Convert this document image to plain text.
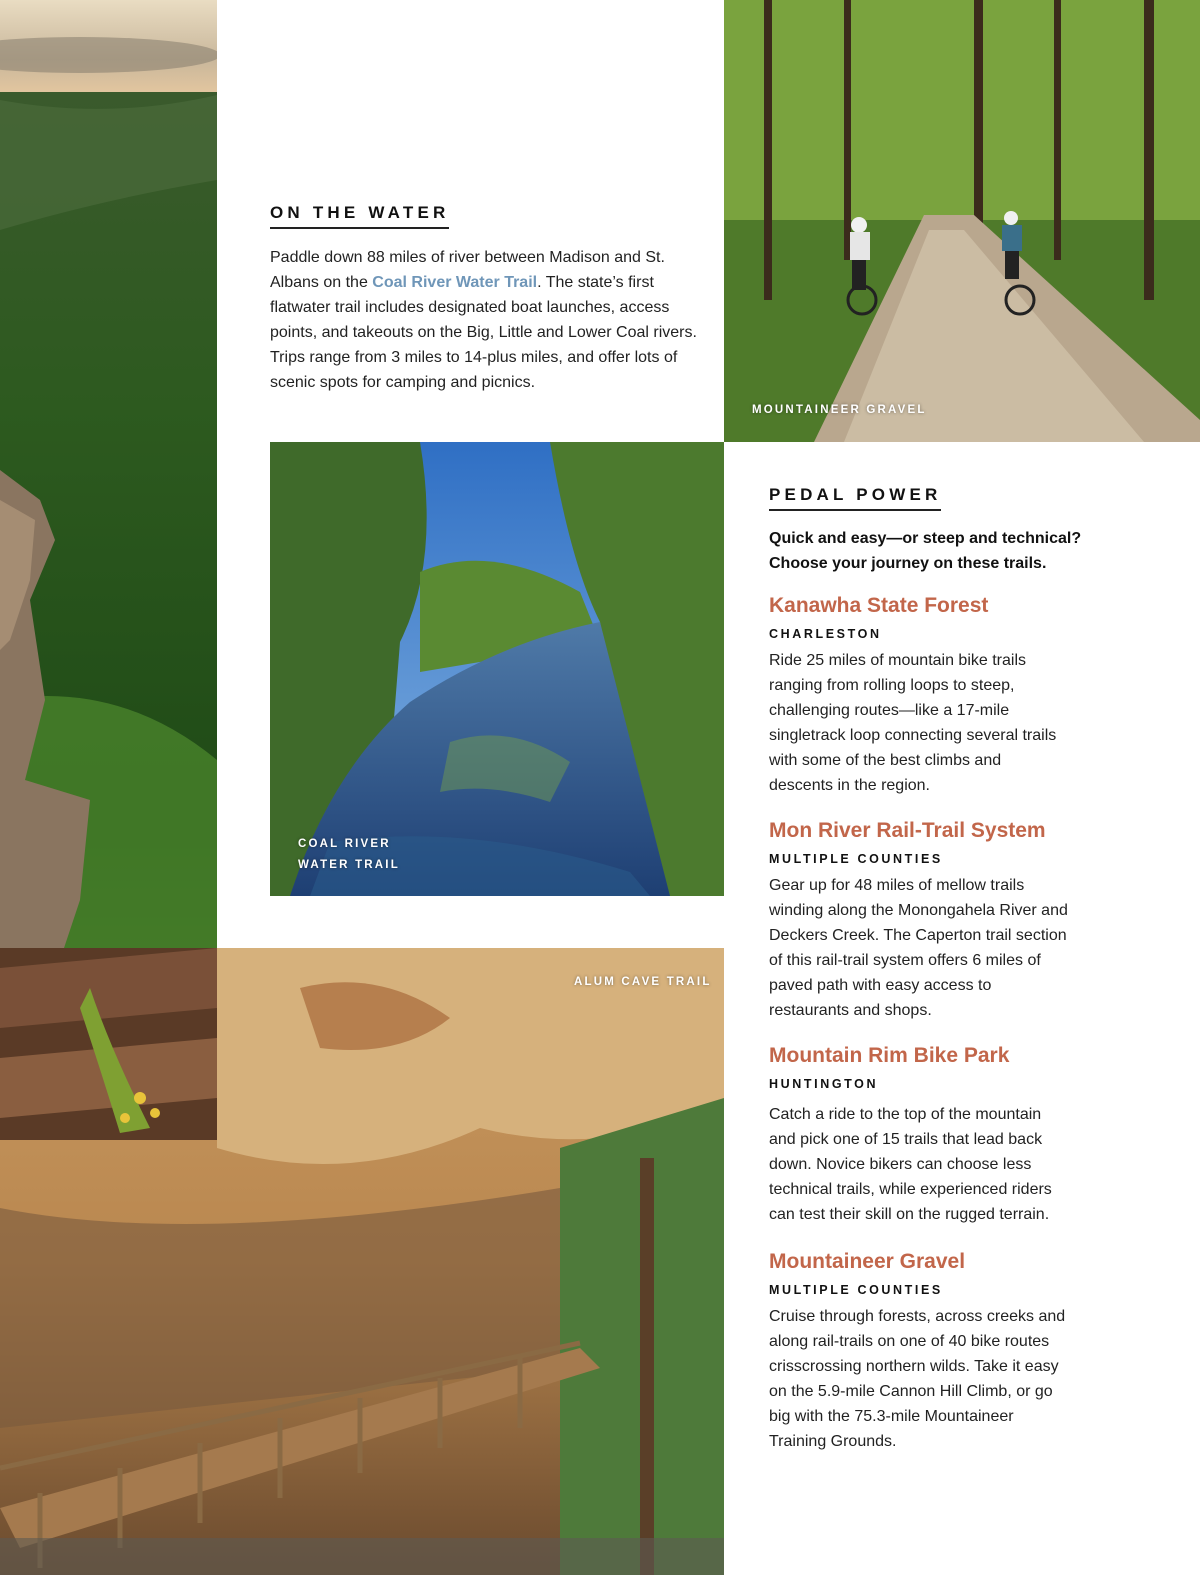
MOUNTAINEER GRAVEL
ON THE WATER
Paddle down 88 miles of river between Madison and St. Albans on the Coal River Water Trail. The state’s first flatwater trail includes designated boat launches, access points, and takeouts on the Big, Little and Lower Coal rivers. Trips range from 3 miles to 14-plus miles, and offer lots of scenic spots for camping and picnics.
COAL RIVER
WATER TRAIL
ALUM CAVE TRAIL
PEDAL POWER
Quick and easy—or steep and technical? Choose your journey on these trails.
Kanawha State Forest
CHARLESTON
Ride 25 miles of mountain bike trails ranging from rolling loops to steep, challenging routes—like a 17-mile singletrack loop connecting several trails with some of the best climbs and descents in the region.
Mon River Rail-Trail System
MULTIPLE COUNTIES
Gear up for 48 miles of mellow trails winding along the Monongahela River and Deckers Creek. The Caperton trail section of this rail-trail system offers 6 miles of paved path with easy access to restaurants and shops.
Mountain Rim Bike Park
HUNTINGTON
Catch a ride to the top of the mountain and pick one of 15 trails that lead back down. Novice bikers can choose less technical trails, while experienced riders can test their skill on the rugged terrain.
Mountaineer Gravel
MULTIPLE COUNTIES
Cruise through forests, across creeks and along rail-trails on one of 40 bike routes crisscrossing northern wilds. Take it easy on the 5.9-mile Cannon Hill Climb, or go big with the 75.3-mile Mountaineer Training Grounds.
